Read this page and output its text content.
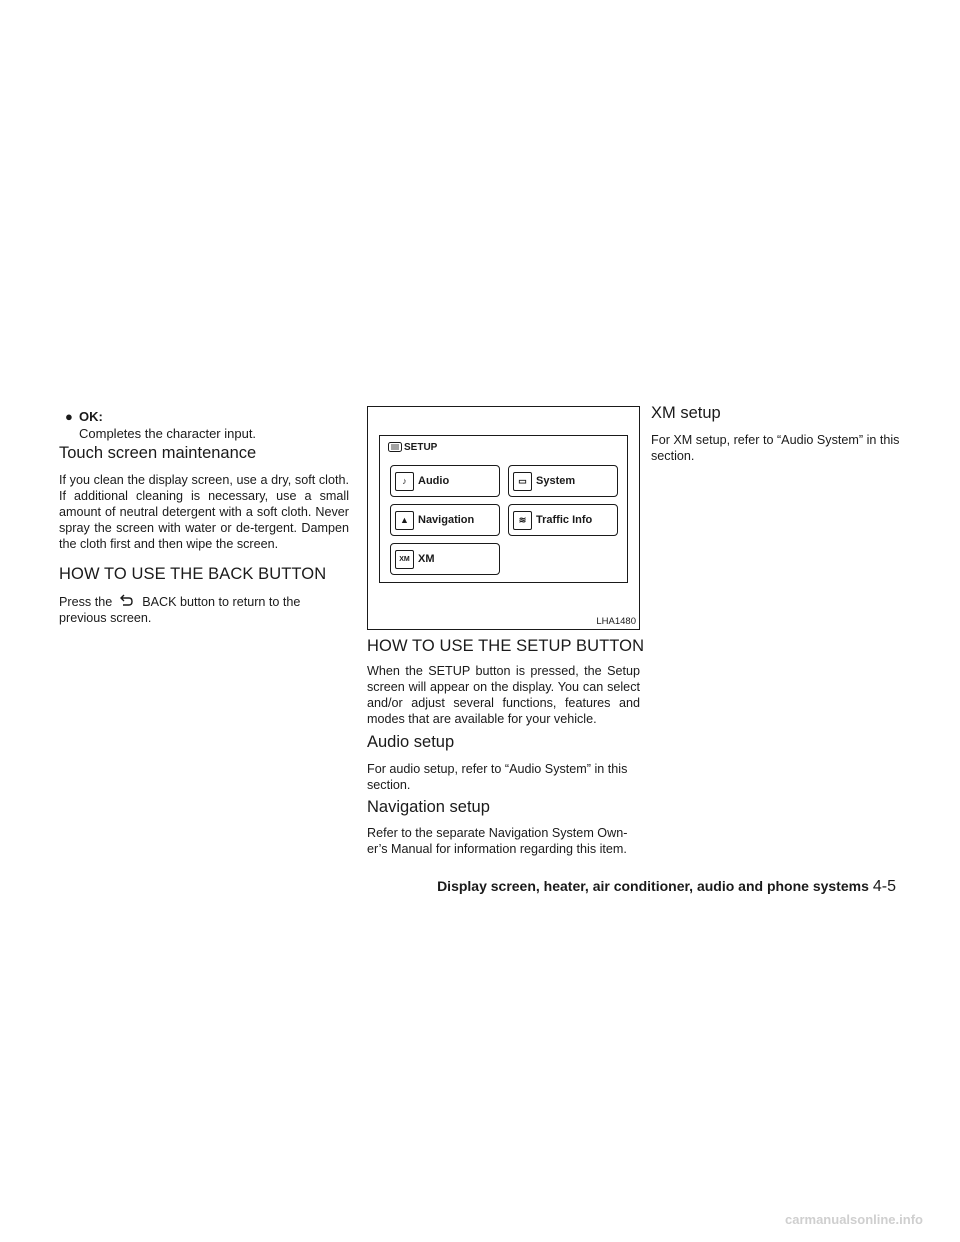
● OK:
Completes the character input.
Touch screen maintenance

If you clean the display screen, use a dry, soft cloth. If additional cleaning is necessary, use a small amount of neutral detergent with a soft cloth. Never spray the screen with water or de-tergent. Dampen the cloth first and then wipe the screen.

HOW TO USE THE BACK BUTTON

Press the BACK button to return to the previous screen.

SETUP
♪	Audio	▭ System
▲ Navigation	≋ Traffic Info
XM XM
LHA1480
HOW TO USE THE SETUP BUTTON

When the SETUP button is pressed, the Setup screen will appear on the display. You can select and/or adjust several functions, features and modes that are available for your vehicle.

Audio setup

For audio setup, refer to “Audio System” in this section.

Navigation setup

Refer to the separate Navigation System Own-er’s Manual for information regarding this item.

XM setup

For XM setup, refer to “Audio System” in this section.

Display screen, heater, air conditioner, audio and phone systems 4-5
carmanualsonline.info
